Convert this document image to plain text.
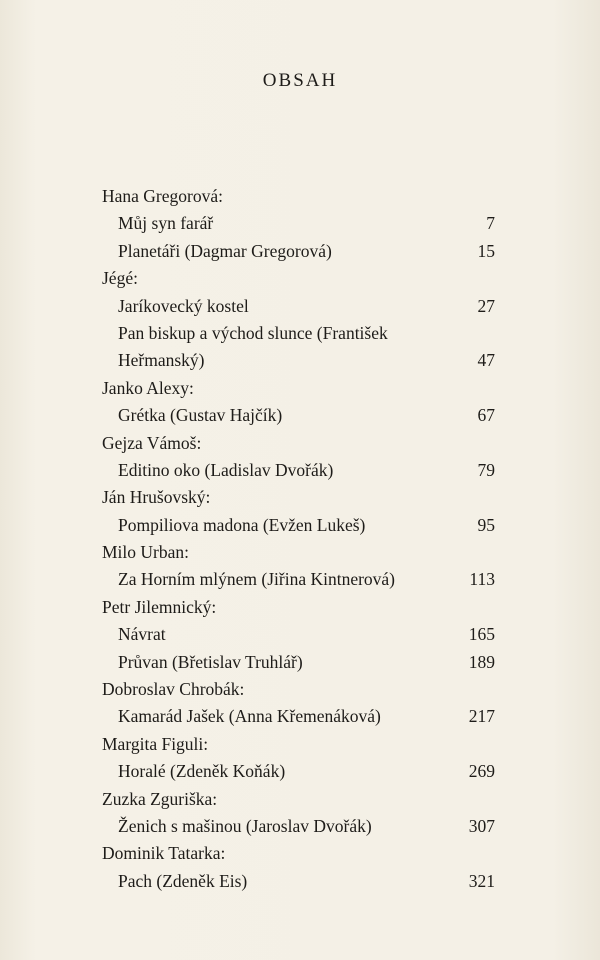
OBSAH
Hana Gregorová:
Můj syn farář	7
Planetáři (Dagmar Gregorová)	15
Jégé:
Jaríkovecký kostel	27
Pan biskup a východ slunce (František
Heřmanský)	47
Janko Alexy:
Grétka (Gustav Hajčík)	67
Gejza Vámoš:
Editino oko (Ladislav Dvořák)	79
Ján Hrušovský:
Pompiliova madona (Evžen Lukeš)	95
Milo Urban:
Za Horním mlýnem (Jiřina Kintnerová)	113
Petr Jilemnický:
Návrat	165
Průvan (Břetislav Truhlář)	189
Dobroslav Chrobák:
Kamarád Jašek (Anna Křemenáková)	217
Margita Figuli:
Horalé (Zdeněk Koňák)	269
Zuzka Zguriška:
Ženich s mašinou (Jaroslav Dvořák)	307
Dominik Tatarka:
Pach (Zdeněk Eis)	321
